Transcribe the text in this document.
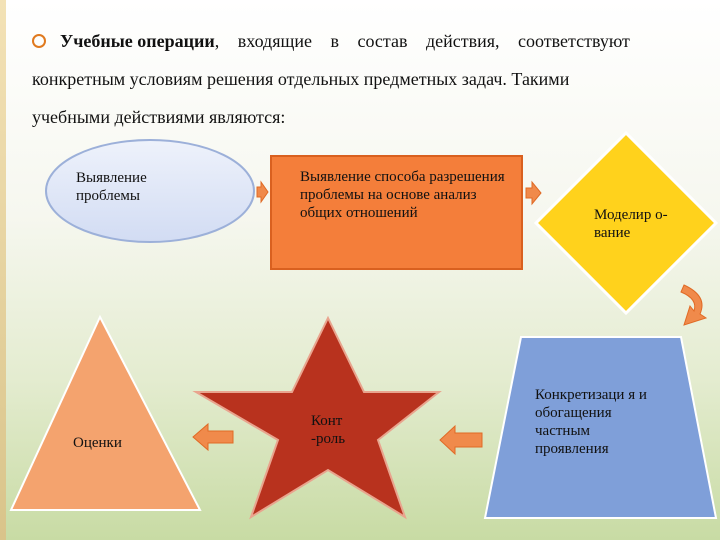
Учебные операции, входящие в состав действия, соответствуют
конкретным условиям решения отдельных предметных задач. Такими
учебными действиями являются:
Выявление проблемы
Выявление способа разрешения проблемы на основе анализ общих отношений	Моделир о-вание
Конкретизаци я и обогащения частным проявления
Конт -роль
Оценки
